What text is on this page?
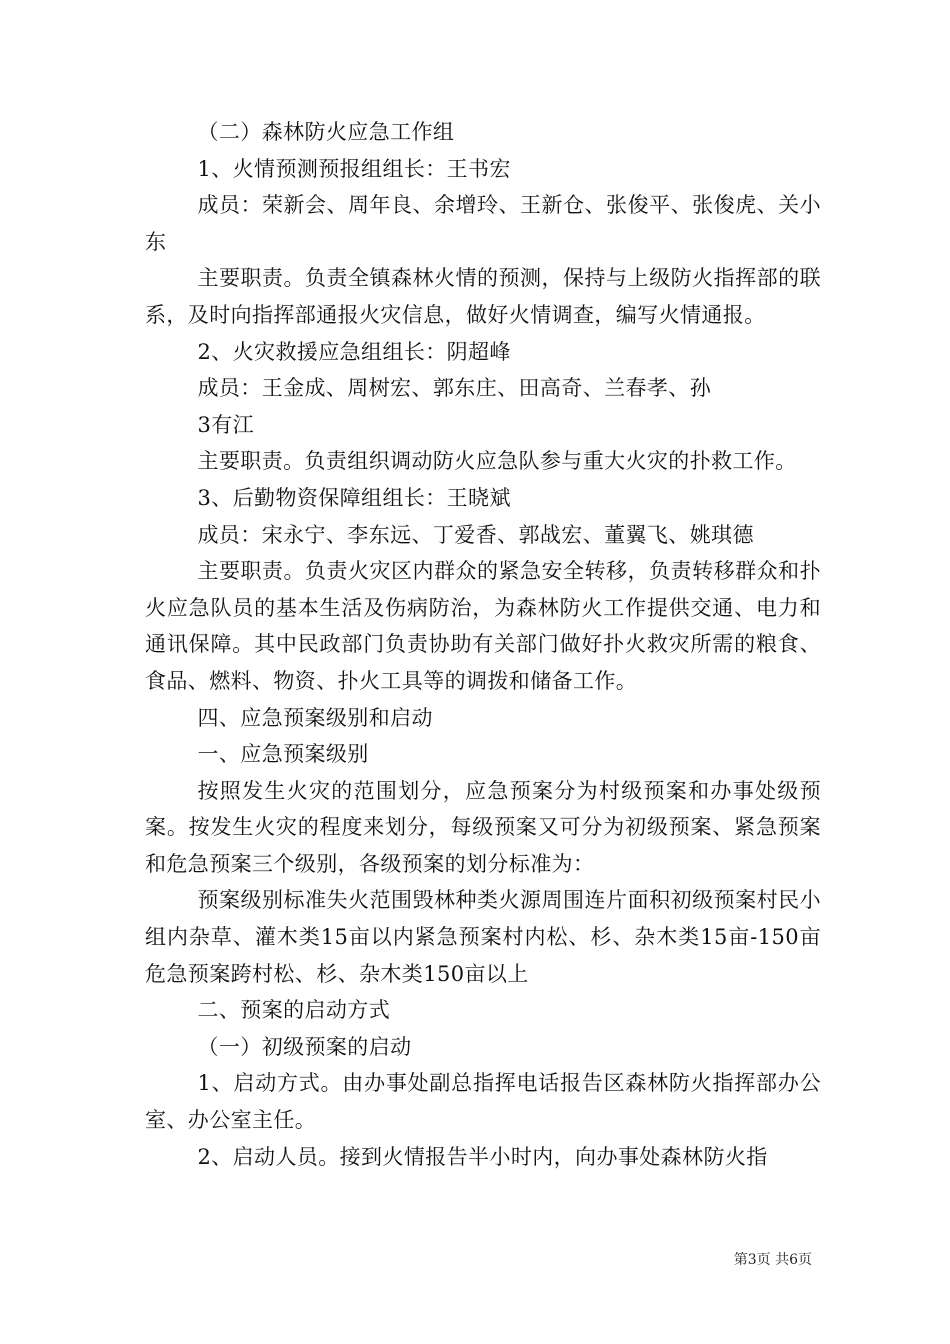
（二）森林防火应急工作组

1、火情预测预报组组长：王书宏

成员：荣新会、周年良、余增玲、王新仓、张俊平、张俊虎、关小东

主要职责。负责全镇森林火情的预测，保持与上级防火指挥部的联系，及时向指挥部通报火灾信息，做好火情调查，编写火情通报。

2、火灾救援应急组组长：阴超峰

成员：王金成、周树宏、郭东庄、田高奇、兰春孝、孙

3有江

主要职责。负责组织调动防火应急队参与重大火灾的扑救工作。

3、后勤物资保障组组长：王晓斌

成员：宋永宁、李东远、丁爱香、郭战宏、董翼飞、姚琪德

主要职责。负责火灾区内群众的紧急安全转移，负责转移群众和扑火应急队员的基本生活及伤病防治，为森林防火工作提供交通、电力和通讯保障。其中民政部门负责协助有关部门做好扑火救灾所需的粮食、食品、燃料、物资、扑火工具等的调拨和储备工作。

四、应急预案级别和启动

一、应急预案级别

按照发生火灾的范围划分，应急预案分为村级预案和办事处级预案。按发生火灾的程度来划分，每级预案又可分为初级预案、紧急预案和危急预案三个级别，各级预案的划分标准为：

预案级别标准失火范围毁林种类火源周围连片面积初级预案村民小组内杂草、灌木类15亩以内紧急预案村内松、杉、杂木类15亩-150亩危急预案跨村松、杉、杂木类150亩以上

二、预案的启动方式

（一）初级预案的启动

1、启动方式。由办事处副总指挥电话报告区森林防火指挥部办公室、办公室主任。

2、启动人员。接到火情报告半小时内，向办事处森林防火指

第3页 共6页
